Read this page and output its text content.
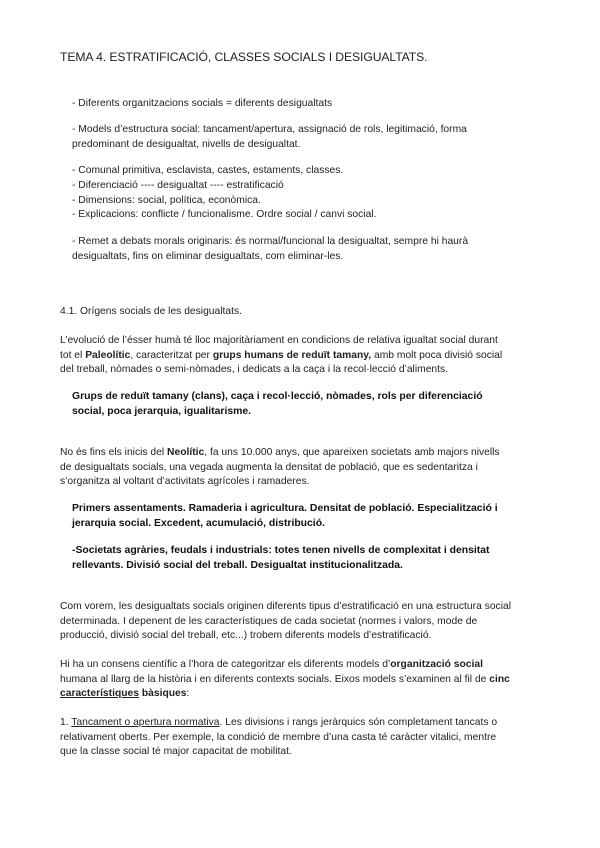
TEMA 4. ESTRATIFICACIÓ, CLASSES SOCIALS I DESIGUALTATS.
- Diferents organitzacions socials = diferents desigualtats
- Models d’estructura social: tancament/apertura, assignació de rols, legitimació, forma
predominant de desigualtat, nivells de desigualtat.
- Comunal primitiva, esclavista, castes, estaments, classes.
- Diferenciació ---- desigualtat ---- estratificació
- Dimensions: social, política, econòmica.
- Explicacions: conflicte / funcionalisme. Ordre social / canvi social.
- Remet a debats morals originaris: és normal/funcional la desigualtat, sempre hi haurà
desigualtats, fins on eliminar desigualtats, com eliminar-les.
4.1. Orígens socials de les desigualtats.
L’evolució de l’ésser humà té lloc majoritàriament en condicions de relativa igualtat social durant
tot el Paleolític, caracteritzat per grups humans de reduït tamany, amb molt poca divisió social
del treball, nòmades o semi-nòmades, i dedicats a la caça i la recol·lecció d’aliments.
Grups de reduït tamany (clans), caça i recol·lecció, nòmades, rols per diferenciació
social, poca jerarquia, igualitarisme.
No és fins els inicis del Neolític, fa uns 10.000 anys, que apareixen societats amb majors nivells
de desigualtats socials, una vegada augmenta la densitat de població, que es sedentaritza i
s’organitza al voltant d’activitats agrícoles i ramaderes.
Primers assentaments. Ramaderia i agricultura. Densitat de població. Especialització i
jerarquia social. Excedent, acumulació, distribució.
-Societats agràries, feudals i industrials: totes tenen nivells de complexitat i densitat
rellevants. Divisió social del treball. Desigualtat institucionalitzada.
Com vorem, les desigualtats socials originen diferents tipus d’estratificació en una estructura social
determinada. I depenent de les característiques de cada societat (normes i valors, mode de
producció, divisió social del treball, etc...) trobem diferents models d’estratificació.
Hi ha un consens científic a l’hora de categoritzar els diferents models d’organització social
humana al llarg de la història i en diferents contexts socials. Eixos models s’examinen al fil de cinc
característiques bàsiques:
1. Tancament o apertura normativa. Les divisions i rangs jeràrquics són completament tancats o
relativament oberts. Per exemple, la condició de membre d’una casta té caràcter vitalici, mentre
que la classe social té major capacitat de mobilitat.
